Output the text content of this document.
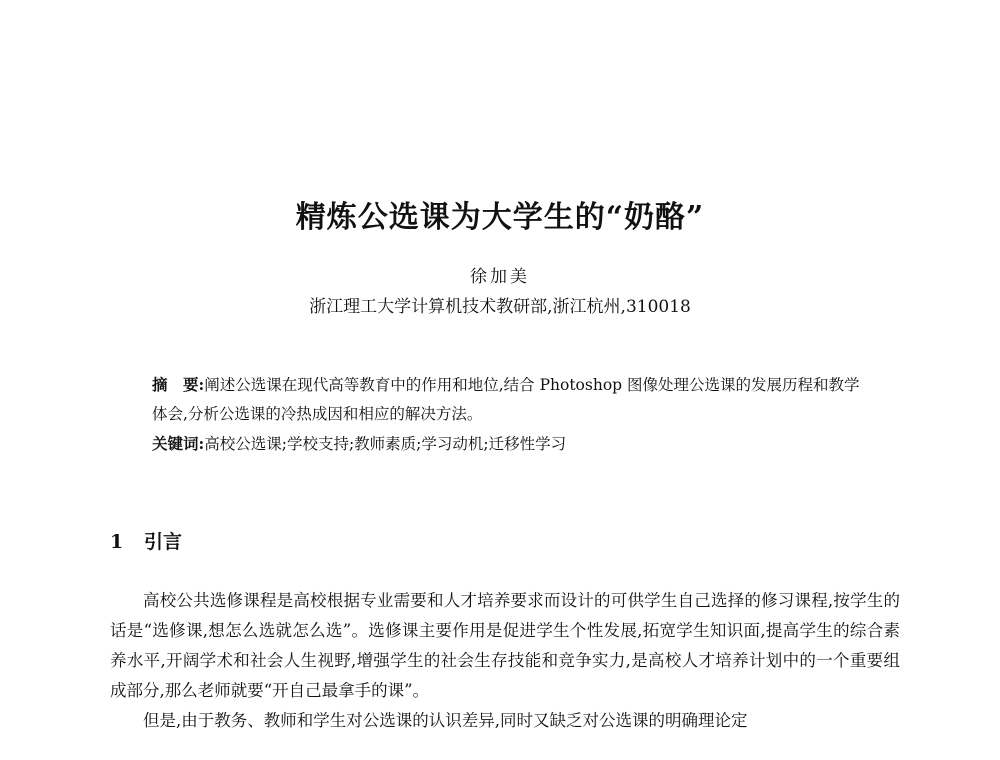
精炼公选课为大学生的“奶酪”
徐加美
浙江理工大学计算机技术教研部,浙江杭州,310018
摘　要:阐述公选课在现代高等教育中的作用和地位,结合 Photoshop 图像处理公选课的发展历程和教学体会,分析公选课的冷热成因和相应的解决方法。
关键词:高校公选课;学校支持;教师素质;学习动机;迁移性学习
1 引言

高校公共选修课程是高校根据专业需要和人才培养要求而设计的可供学生自己选择的修习课程,按学生的话是“选修课,想怎么选就怎么选”。选修课主要作用是促进学生个性发展,拓宽学生知识面,提高学生的综合素养水平,开阔学术和社会人生视野,增强学生的社会生存技能和竞争实力,是高校人才培养计划中的一个重要组成部分,那么老师就要“开自己最拿手的课”。

但是,由于教务、教师和学生对公选课的认识差异,同时又缺乏对公选课的明确理论定
